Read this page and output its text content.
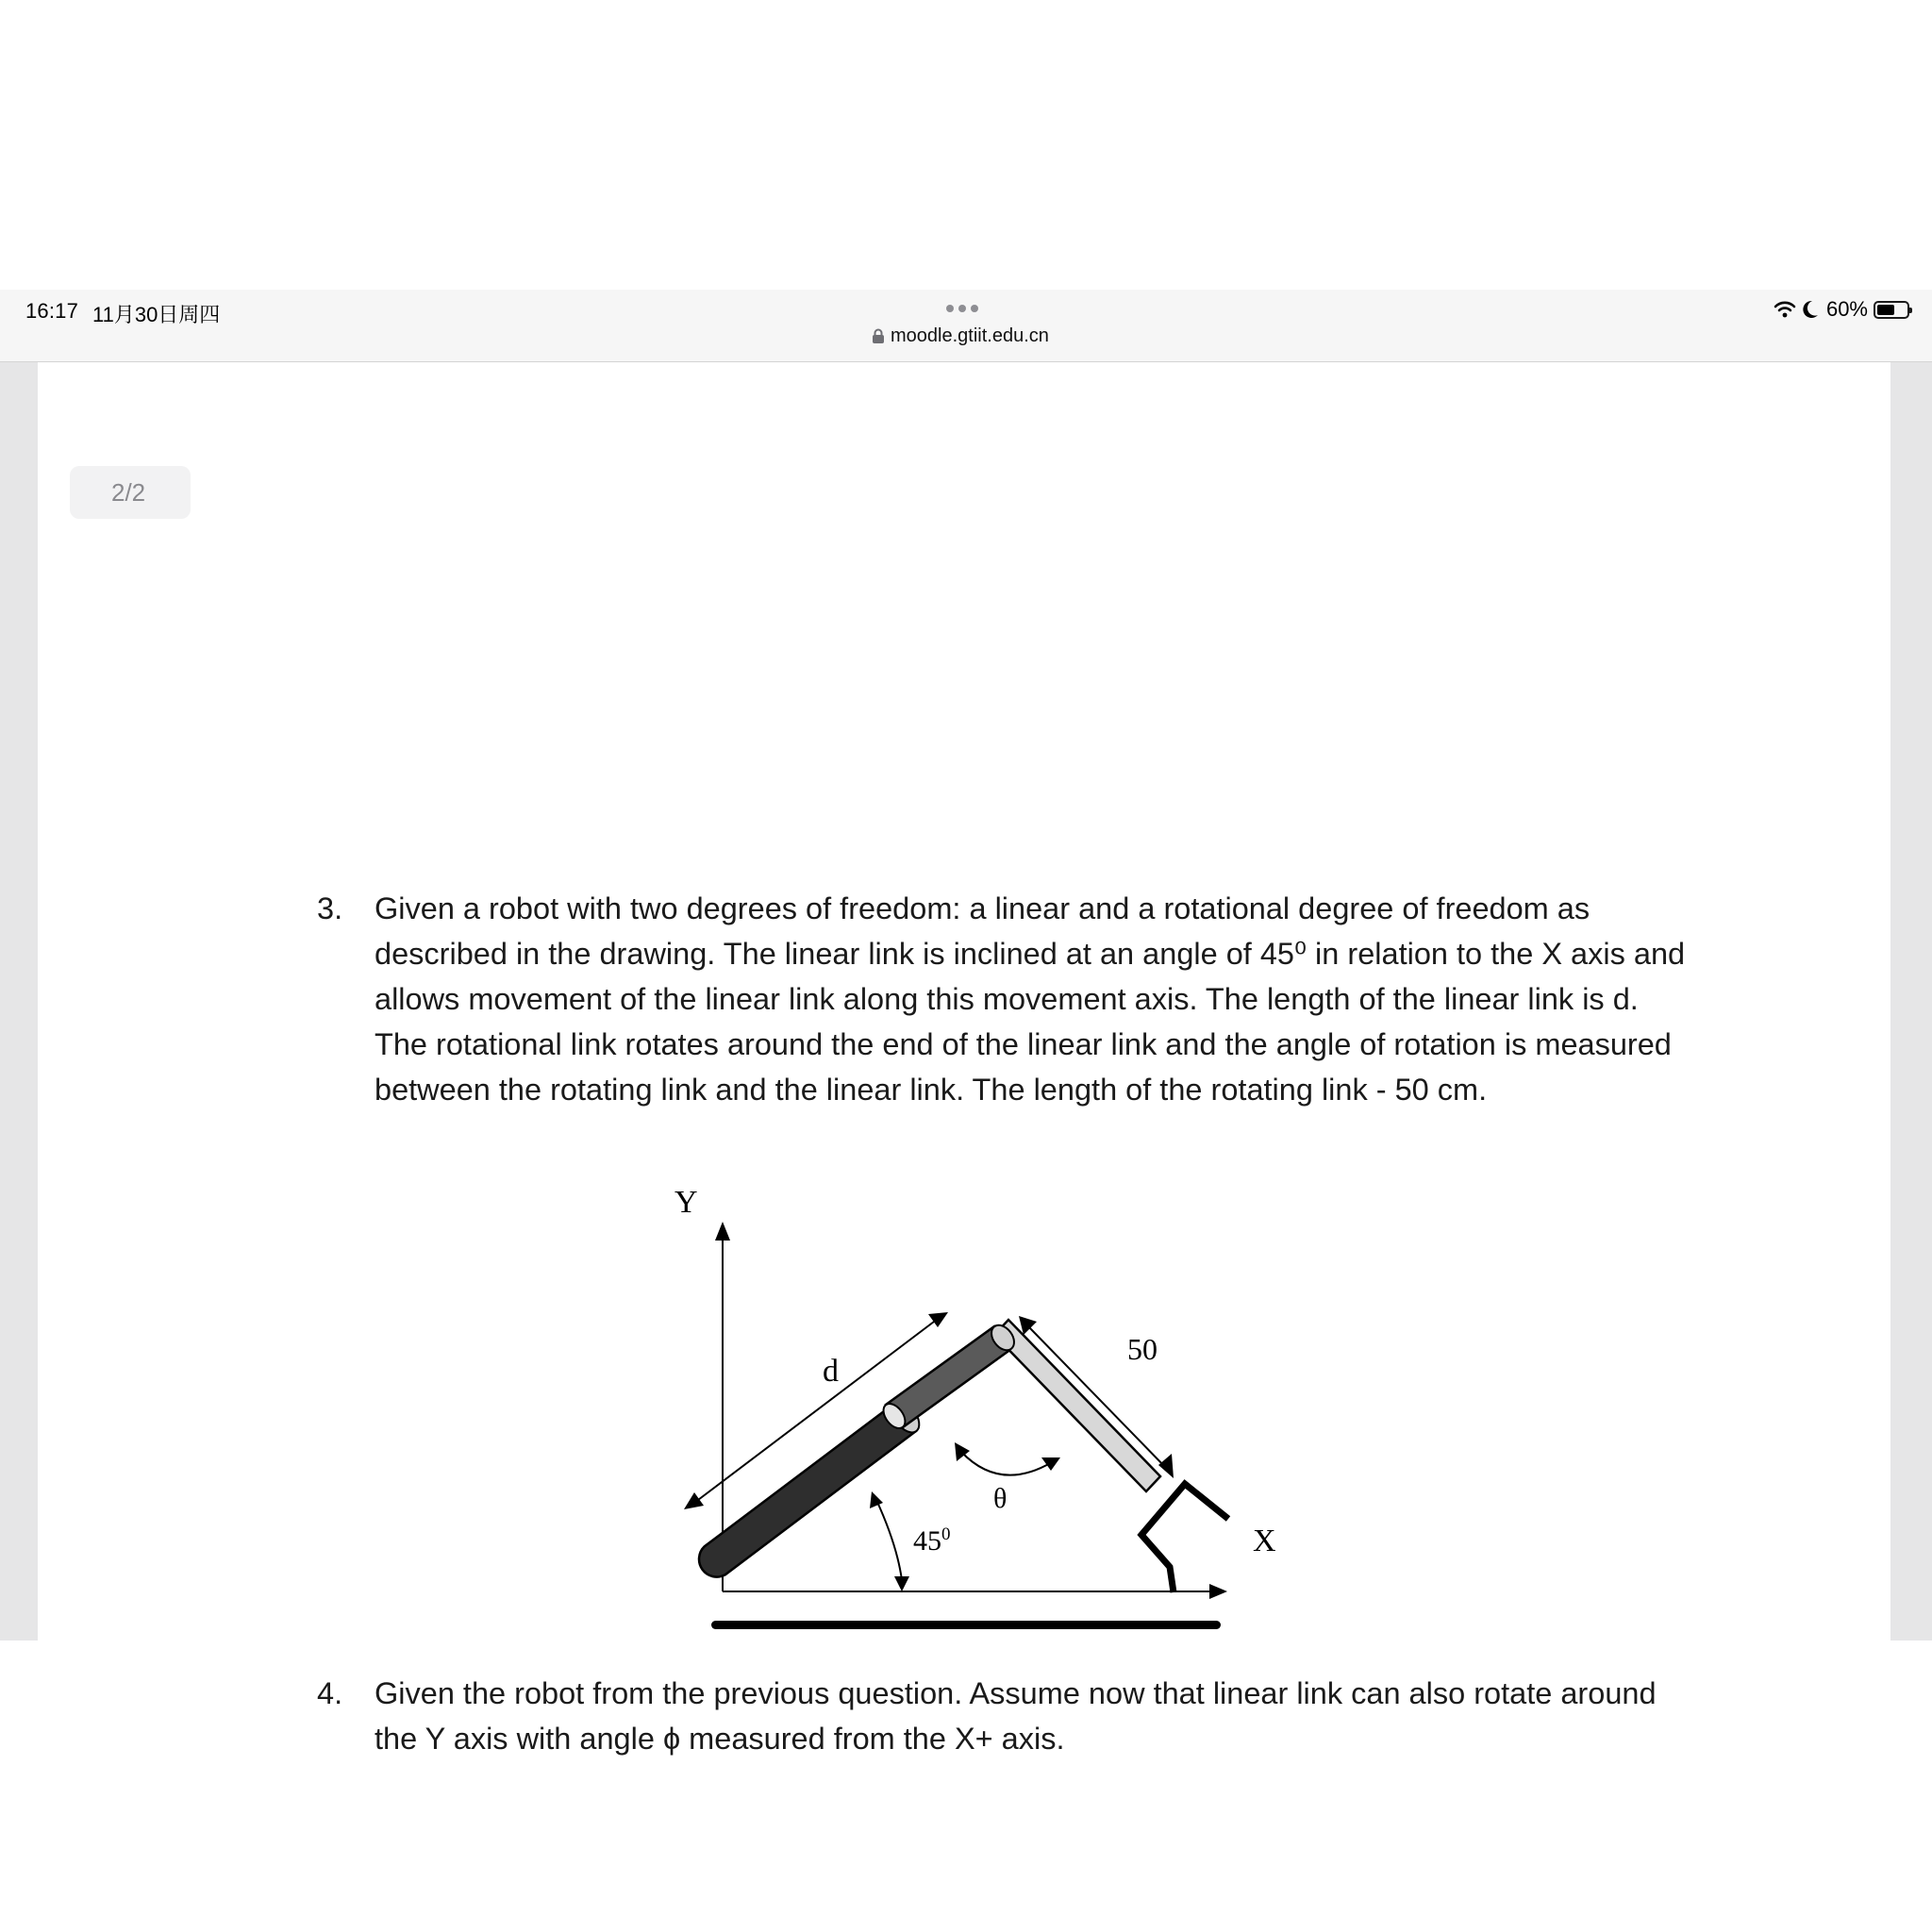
16:17 11月30日周四
moodle.gtiit.edu.cn
60%
2/2
3. Given a robot with two degrees of freedom: a linear and a rotational degree of freedom as described in the drawing. The linear link is inclined at an angle of 45⁰ in relation to the X axis and allows movement of the linear link along this movement axis. The length of the linear link is d. The rotational link rotates around the end of the linear link and the angle of rotation is measured between the rotating link and the linear link. The length of the rotating link - 50 cm.
Y
X
d
50
θ
$45^0$
4. Given the robot from the previous question. Assume now that linear link can also rotate around the Y axis with angle ϕ measured from the X+ axis.
